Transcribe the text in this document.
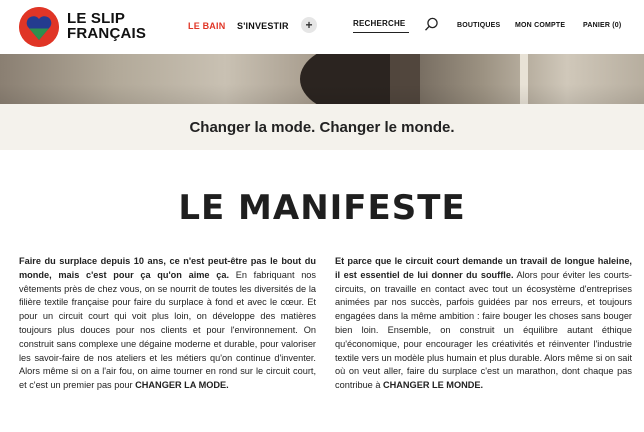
LE SLIP
FRANÇAIS	LE BAIN S'INVESTIR	+	RECHERCHE	BOUTIQUES MON COMPTE	PANIER (0)
Changer la mode. Changer le monde.
LE MANIFESTE
Faire du surplace depuis 10 ans, ce n'est peut-être pas le bout du monde, mais c'est pour ça qu'on aime ça. En fabriquant nos vêtements près de chez vous, on se nourrit de toutes les diversités de la filière textile française pour faire du surplace à fond et avec le cœur. Et pour un circuit court qui voit plus loin, on développe des matières toujours plus douces pour nos clients et pour l'environnement. On construit sans complexe une dégaine moderne et durable, pour valoriser les savoir-faire de nos ateliers et les métiers qu'on continue d'inventer. Alors même si on a l'air fou, on aime tourner en rond sur le circuit court, et c'est un premier pas pour CHANGER LA MODE.
Et parce que le circuit court demande un travail de longue haleine, il est essentiel de lui donner du souffle. Alors pour éviter les courts-circuits, on travaille en contact avec tout un écosystème d'entreprises animées par nos succès, parfois guidées par nos erreurs, et toujours engagées dans la même ambition : faire bouger les choses sans bouger bien loin. Ensemble, on construit un équilibre autant éthique qu'économique, pour encourager les créativités et réinventer l'industrie textile vers un modèle plus humain et plus durable. Alors même si on sait où on veut aller, faire du surplace c'est un marathon, dont chaque pas contribue à CHANGER LE MONDE.
